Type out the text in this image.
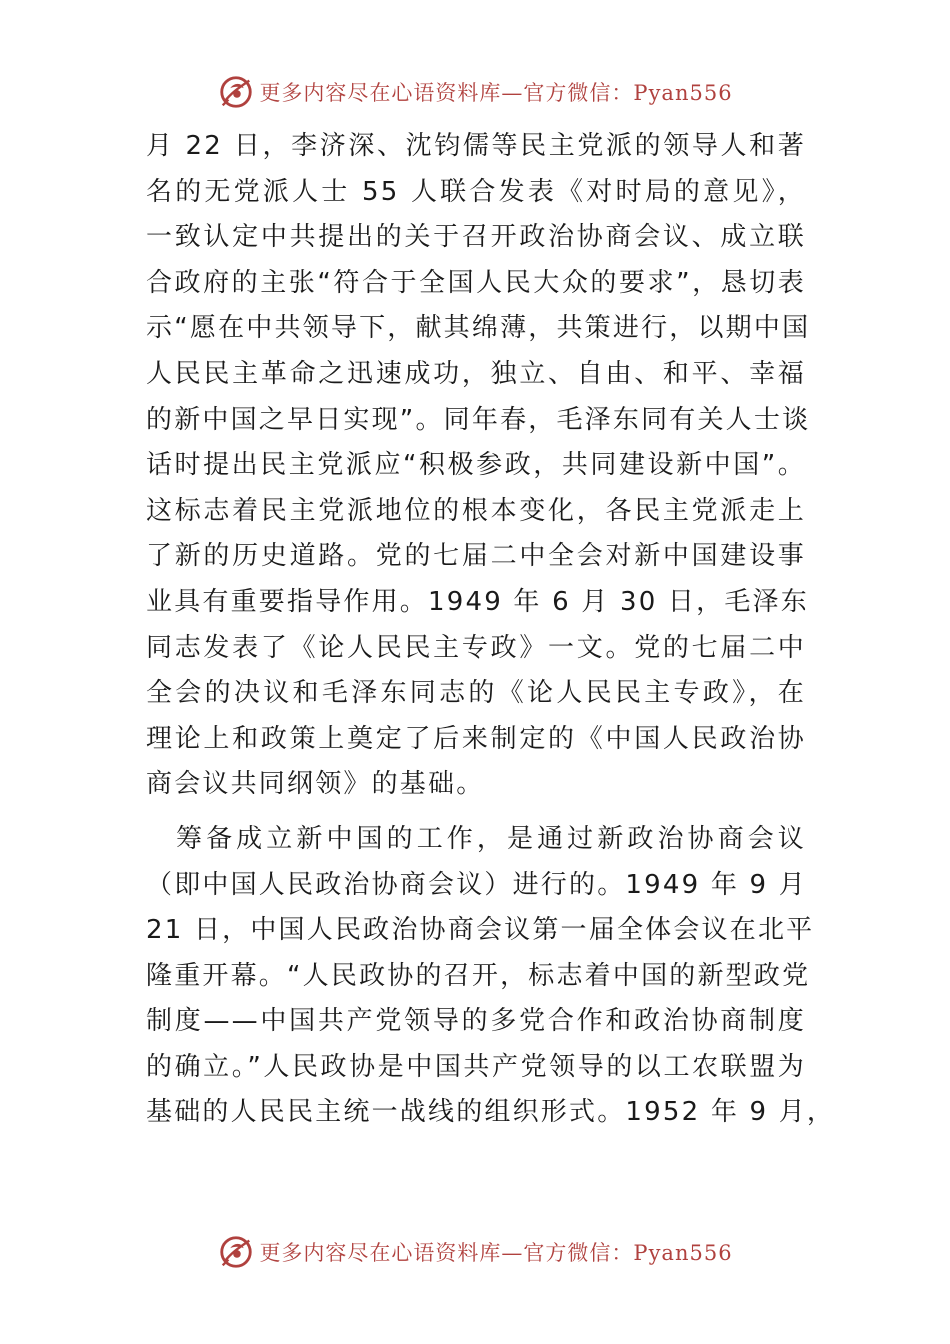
更多内容尽在心语资料库—官方微信：Pyan556

月 22 日，李济深、沈钧儒等民主党派的领导人和著
名的无党派人士 55 人联合发表《对时局的意见》，
一致认定中共提出的关于召开政治协商会议、成立联
合政府的主张“符合于全国人民大众的要求”，恳切表
示“愿在中共领导下，献其绵薄，共策进行，以期中国
人民民主革命之迅速成功，独立、自由、和平、幸福
的新中国之早日实现”。同年春，毛泽东同有关人士谈
话时提出民主党派应“积极参政，共同建设新中国”。
这标志着民主党派地位的根本变化，各民主党派走上
了新的历史道路。党的七届二中全会对新中国建设事
业具有重要指导作用。1949 年 6 月 30 日，毛泽东
同志发表了《论人民民主专政》一文。党的七届二中
全会的决议和毛泽东同志的《论人民民主专政》，在
理论上和政策上奠定了后来制定的《中国人民政治协
商会议共同纲领》的基础。

筹备成立新中国的工作，是通过新政治协商会议
（即中国人民政治协商会议）进行的。1949 年 9 月
21 日，中国人民政治协商会议第一届全体会议在北平
隆重开幕。“人民政协的召开，标志着中国的新型政党
制度——中国共产党领导的多党合作和政治协商制度
的确立。”人民政协是中国共产党领导的以工农联盟为
基础的人民民主统一战线的组织形式。1952 年 9 月，

更多内容尽在心语资料库—官方微信：Pyan556
